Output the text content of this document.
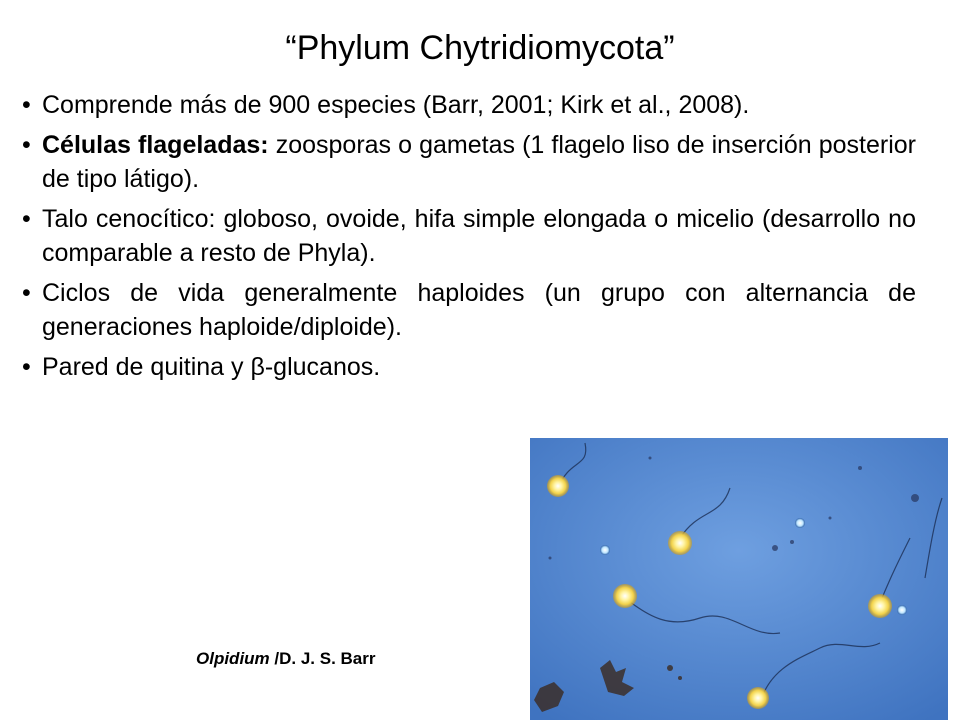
“Phylum Chytridiomycota”
• Comprende más de 900 especies (Barr, 2001; Kirk et al., 2008).
• Células flageladas: zoosporas o gametas (1 flagelo liso de inserción posterior de tipo látigo).
• Talo cenocítico: globoso, ovoide, hifa simple elongada o micelio (desarrollo no comparable a resto de Phyla).
• Ciclos de vida generalmente haploides (un grupo con alternancia de generaciones haploide/diploide).
• Pared de quitina y β-glucanos.
Olpidium /D. J. S. Barr
